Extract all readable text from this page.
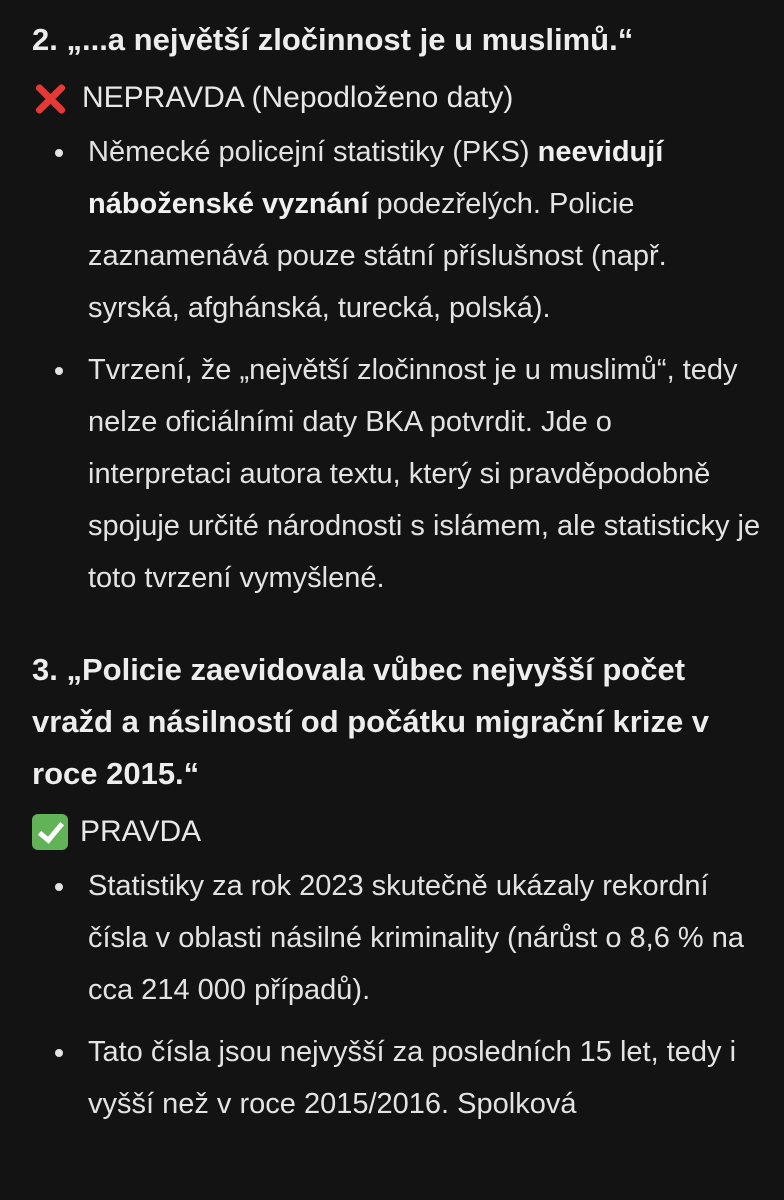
2. „...a největší zločinnost je u muslimů.“

NEPRAVDA (Nepodloženo daty)
Německé policejní statistiky (PKS) neevidují náboženské vyznání podezřelých. Policie zaznamenává pouze státní příslušnost (např. syrská, afghánská, turecká, polská).
Tvrzení, že „největší zločinnost je u muslimů“, tedy nelze oficiálními daty BKA potvrdit. Jde o interpretaci autora textu, který si pravděpodobně spojuje určité národnosti s islámem, ale statisticky je toto tvrzení vymyšlené.

3. „Policie zaevidovala vůbec nejvyšší počet vražd a násilností od počátku migrační krize v roce 2015.“

PRAVDA
Statistiky za rok 2023 skutečně ukázaly rekordní čísla v oblasti násilné kriminality (nárůst o 8,6 % na cca 214 000 případů).
Tato čísla jsou nejvyšší za posledních 15 let, tedy i vyšší než v roce 2015/2016. Spolková
